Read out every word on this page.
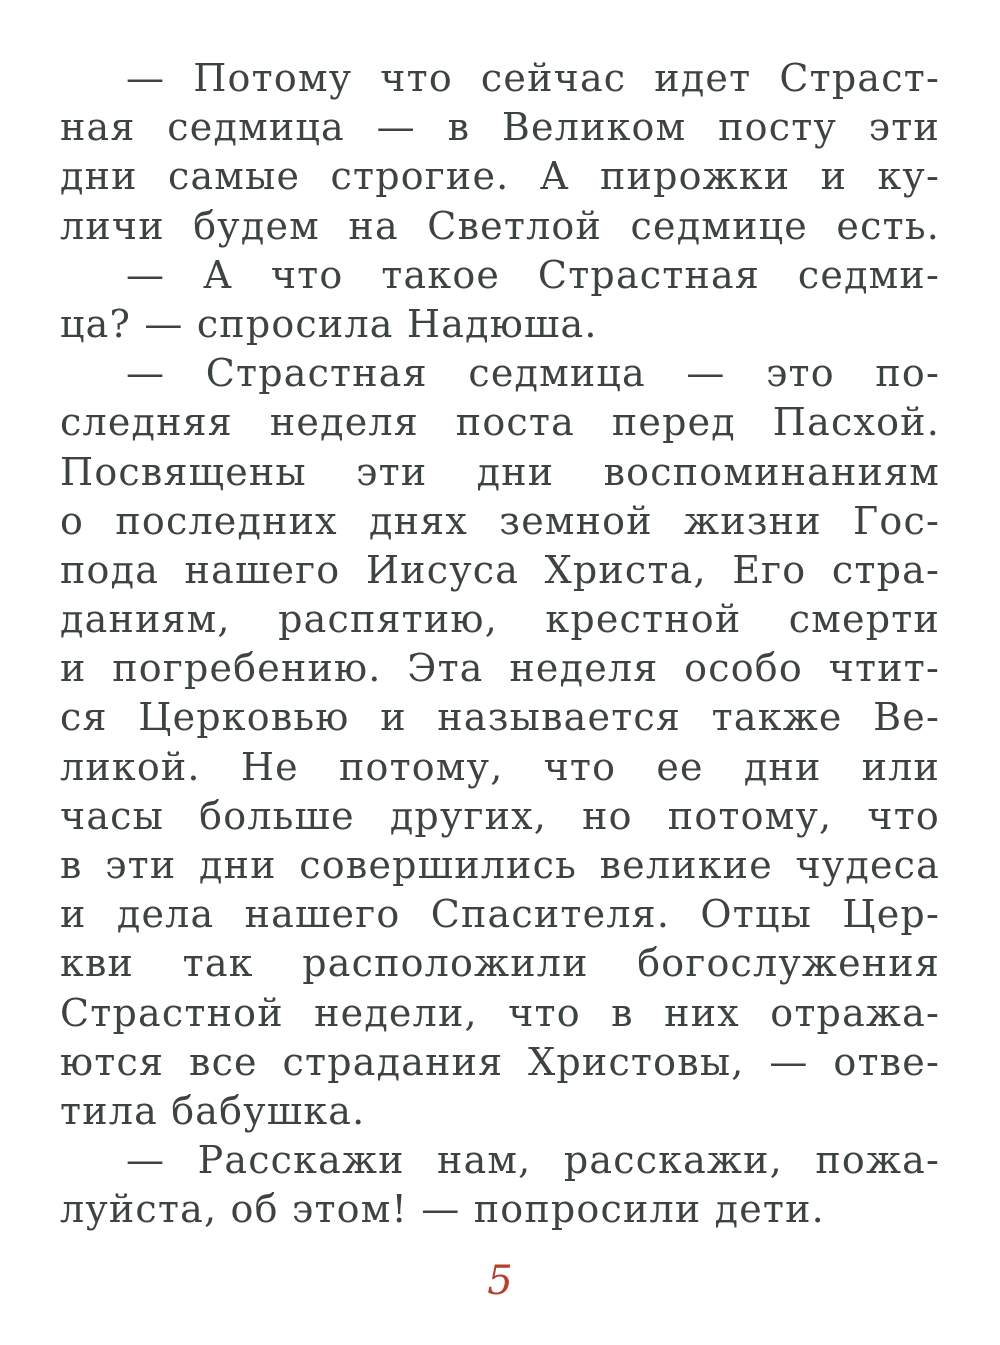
— Потому что сейчас идет Страст-
ная седмица — в Великом посту эти
дни самые строгие. А пирожки и ку-
личи будем на Светлой седмице есть.
— А что такое Страстная седми-
ца? — спросила Надюша.
— Страстная седмица — это по-
следняя неделя поста перед Пасхой.
Посвящены эти дни воспоминаниям
о последних днях земной жизни Гос-
пода нашего Иисуса Христа, Его стра-
даниям, распятию, крестной смерти
и погребению. Эта неделя особо чтит-
ся Церковью и называется также Ве-
ликой. Не потому, что ее дни или
часы больше других, но потому, что
в эти дни совершились великие чудеса
и дела нашего Спасителя. Отцы Цер-
кви так расположили богослужения
Страстной недели, что в них отража-
ются все страдания Христовы, — отве-
тила бабушка.
— Расскажи нам, расскажи, пожа-
луйста, об этом! — попросили дети.
5
